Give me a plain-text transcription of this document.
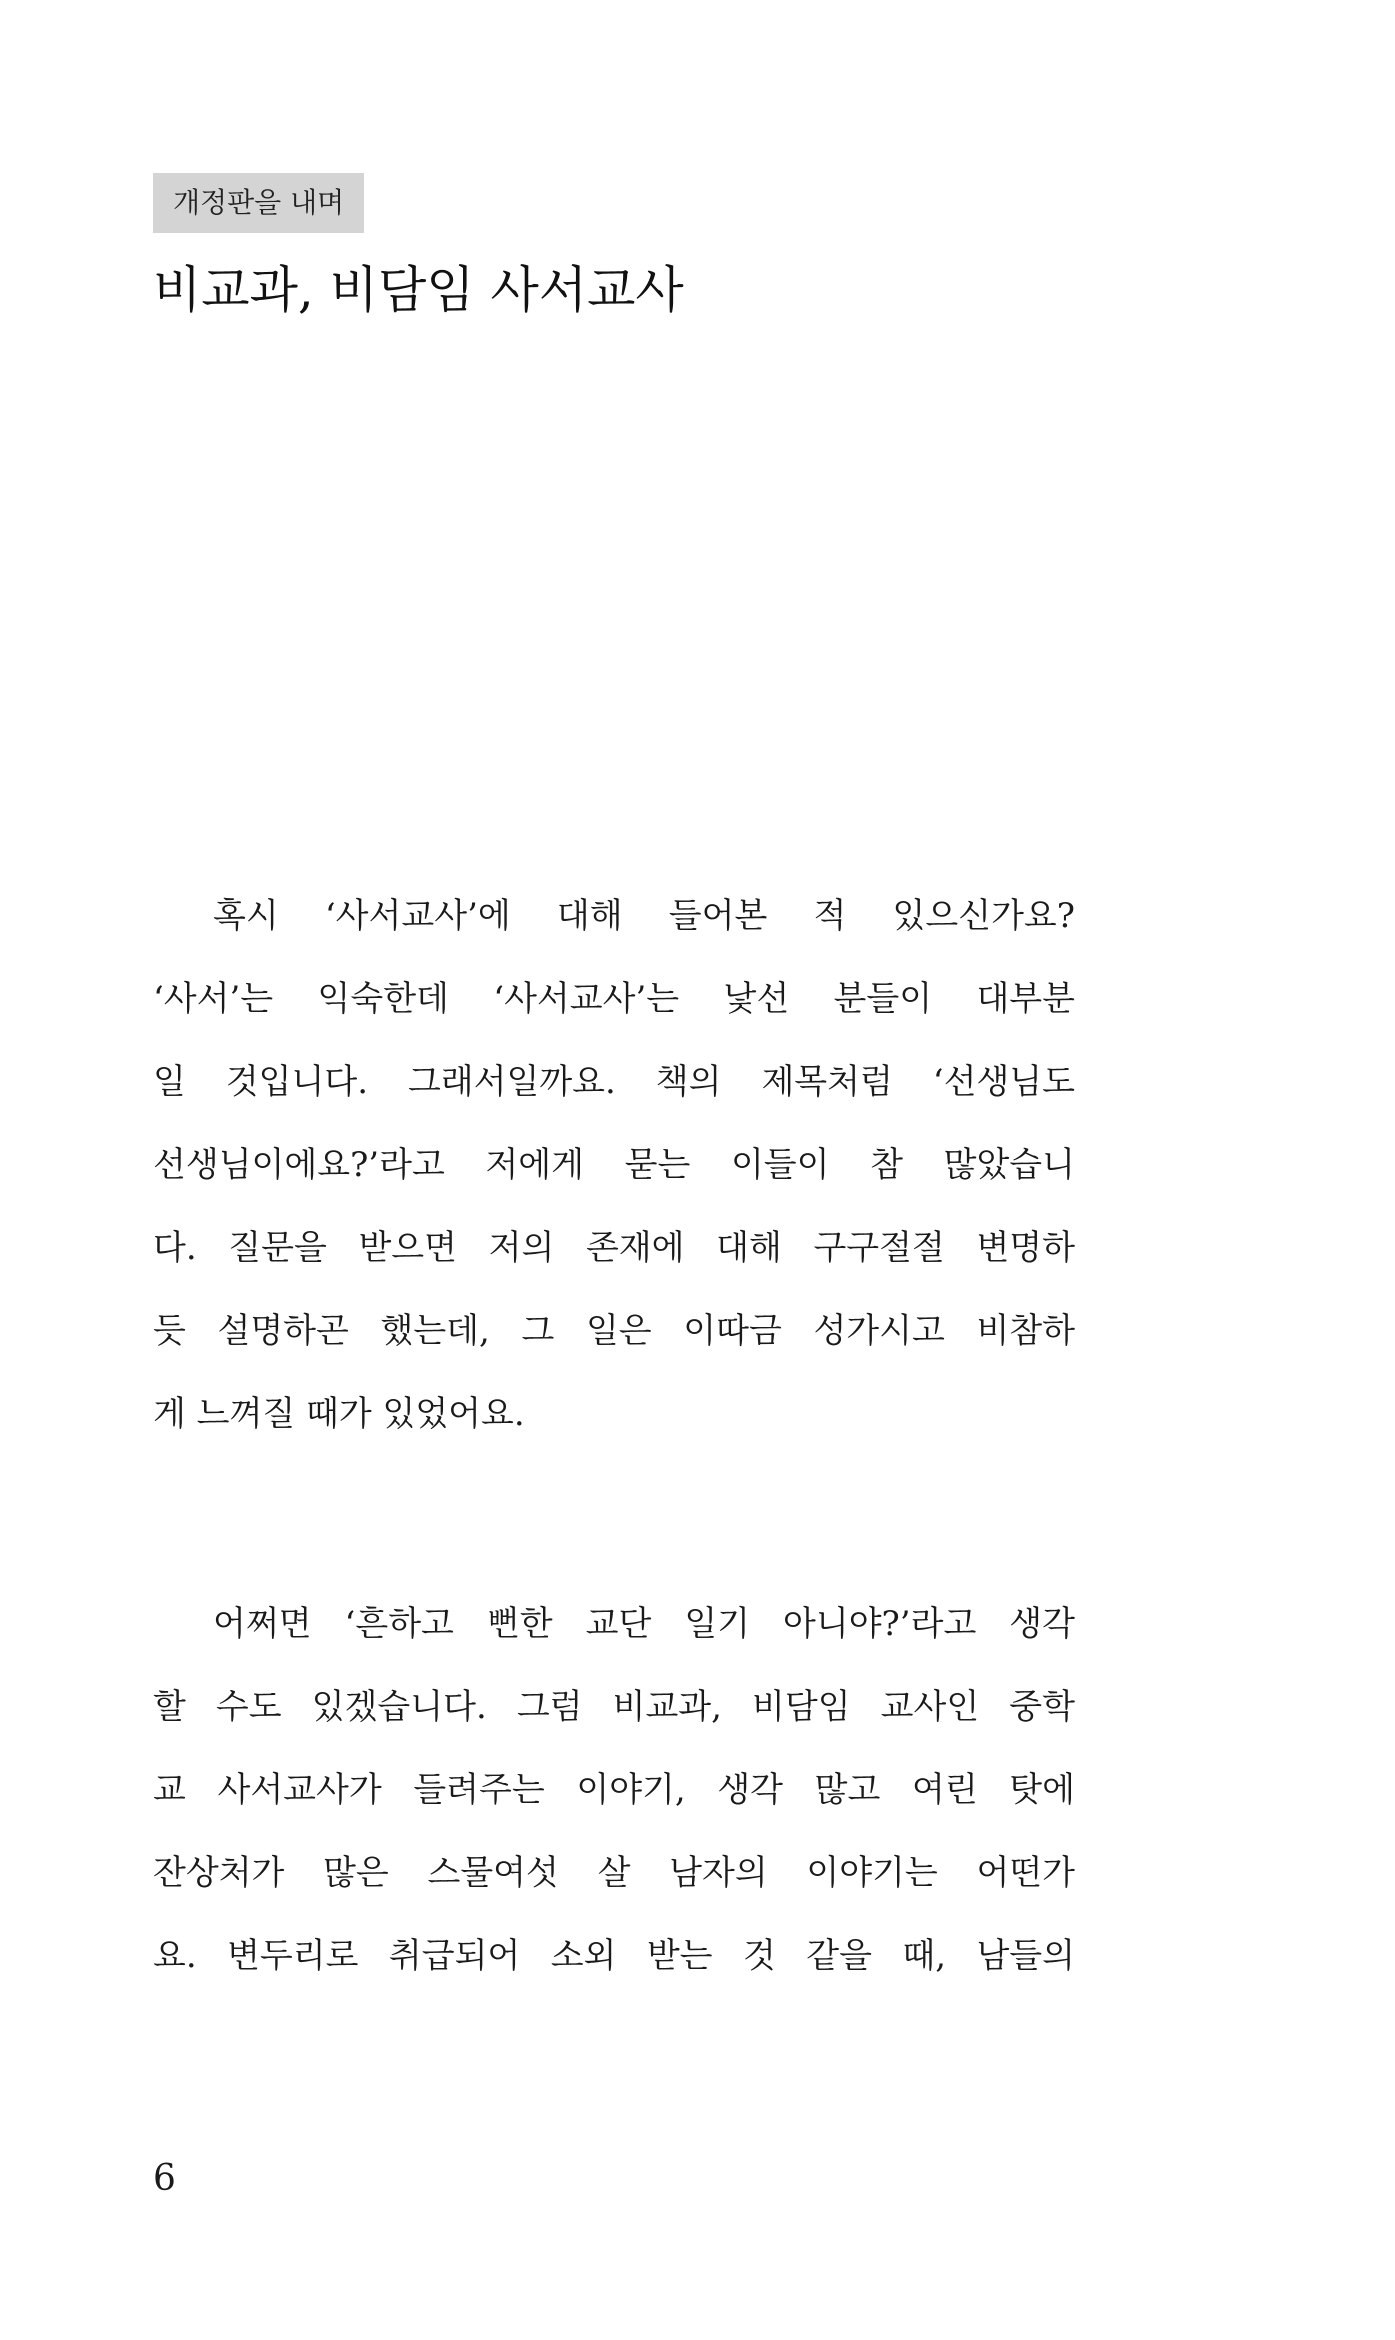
개정판을 내며
비교과, 비담임 사서교사
혹시 ‘사서교사’에 대해 들어본 적 있으신가요?
‘사서’는 익숙한데 ‘사서교사’는 낯선 분들이 대부분
일 것입니다. 그래서일까요. 책의 제목처럼 ‘선생님도
선생님이에요?’라고 저에게 묻는 이들이 참 많았습니
다. 질문을 받으면 저의 존재에 대해 구구절절 변명하
듯 설명하곤 했는데, 그 일은 이따금 성가시고 비참하
게 느껴질 때가 있었어요.
어쩌면 ‘흔하고 뻔한 교단 일기 아니야?’라고 생각
할 수도 있겠습니다. 그럼 비교과, 비담임 교사인 중학
교 사서교사가 들려주는 이야기, 생각 많고 여린 탓에
잔상처가 많은 스물여섯 살 남자의 이야기는 어떤가
요. 변두리로 취급되어 소외 받는 것 같을 때, 남들의
6
